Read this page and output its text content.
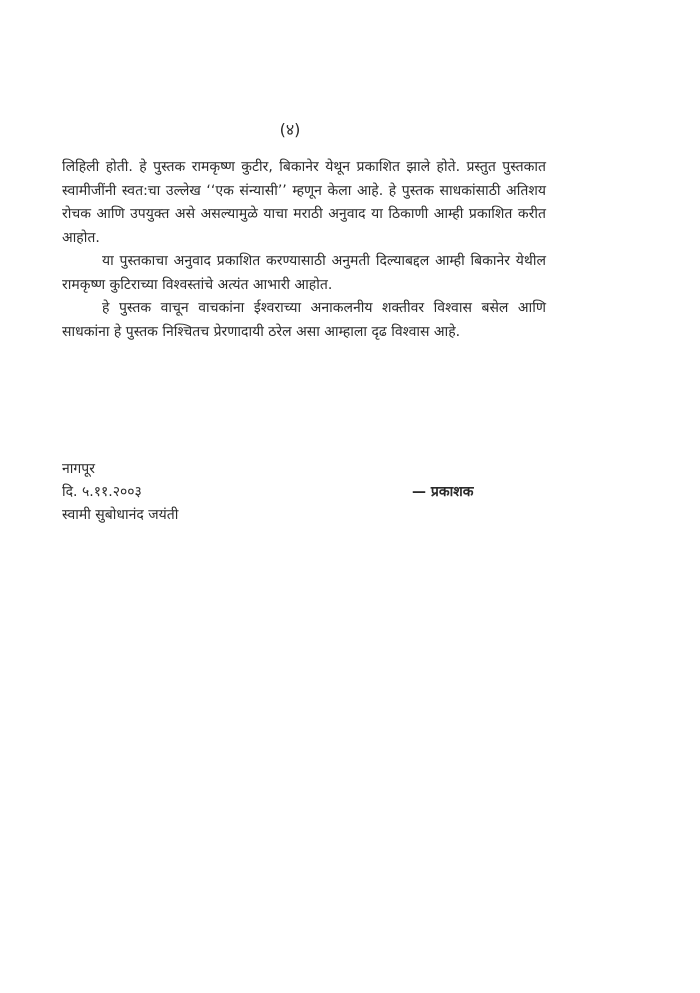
(४)

लिहिली होती. हे पुस्तक रामकृष्ण कुटीर, बिकानेर येथून प्रकाशित झाले होते. प्रस्तुत पुस्तकात स्वामीजींनी स्वत:चा उल्लेख ‘‘एक संन्यासी’’ म्हणून केला आहे. हे पुस्तक साधकांसाठी अतिशय रोचक आणि उपयुक्त असे असल्यामुळे याचा मराठी अनुवाद या ठिकाणी आम्ही प्रकाशित करीत आहोत.

या पुस्तकाचा अनुवाद प्रकाशित करण्यासाठी अनुमती दिल्याबद्दल आम्ही बिकानेर येथील रामकृष्ण कुटिराच्या विश्वस्तांचे अत्यंत आभारी आहोत.

हे पुस्तक वाचून वाचकांना ईश्वराच्या अनाकलनीय शक्तीवर विश्वास बसेल आणि साधकांना हे पुस्तक निश्चितच प्रेरणादायी ठरेल असा आम्हाला दृढ विश्वास आहे.

नागपूर
दि. ५.११.२००३	— प्रकाशक
स्वामी सुबोधानंद जयंती
